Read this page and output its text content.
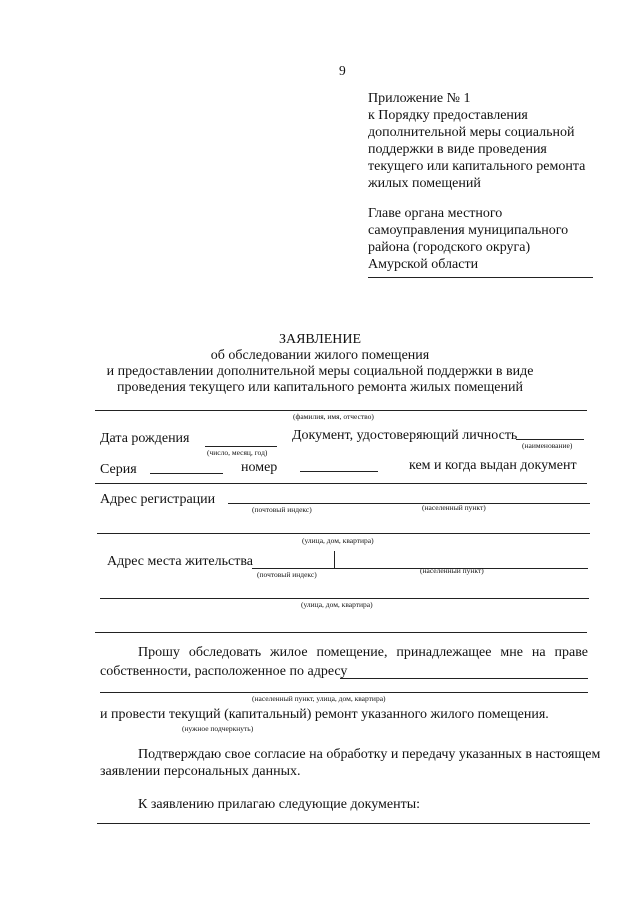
9
Приложение № 1
к Порядку предоставления
дополнительной меры социальной
поддержки в виде проведения
текущего или капитального ремонта
жилых помещений
Главе органа местного
самоуправления муниципального
района (городского округа)
Амурской области
ЗАЯВЛЕНИЕ
об обследовании жилого помещения
и предоставлении дополнительной меры социальной поддержки в виде
проведения текущего или капитального ремонта жилых помещений
(фамилия, имя, отчество)
Дата рождения
(число, месяц, год)
Документ, удостоверяющий личность
(наименование)
Серия	номер	кем и когда выдан документ
Адрес регистрации
(почтовый индекс)	(населенный пункт)
(улица, дом, квартира)
Адрес места жительства
(почтовый индекс)	(населенный пункт)
(улица, дом, квартира)
Прошу обследовать жилое помещение, принадлежащее мне на праве
собственности, расположенное по адресу
(населенный пункт, улица, дом, квартира)
и провести текущий (капитальный) ремонт указанного жилого помещения.
(нужное подчеркнуть)
Подтверждаю свое согласие на обработку и передачу указанных в настоящем
заявлении персональных данных.
К заявлению прилагаю следующие документы:
